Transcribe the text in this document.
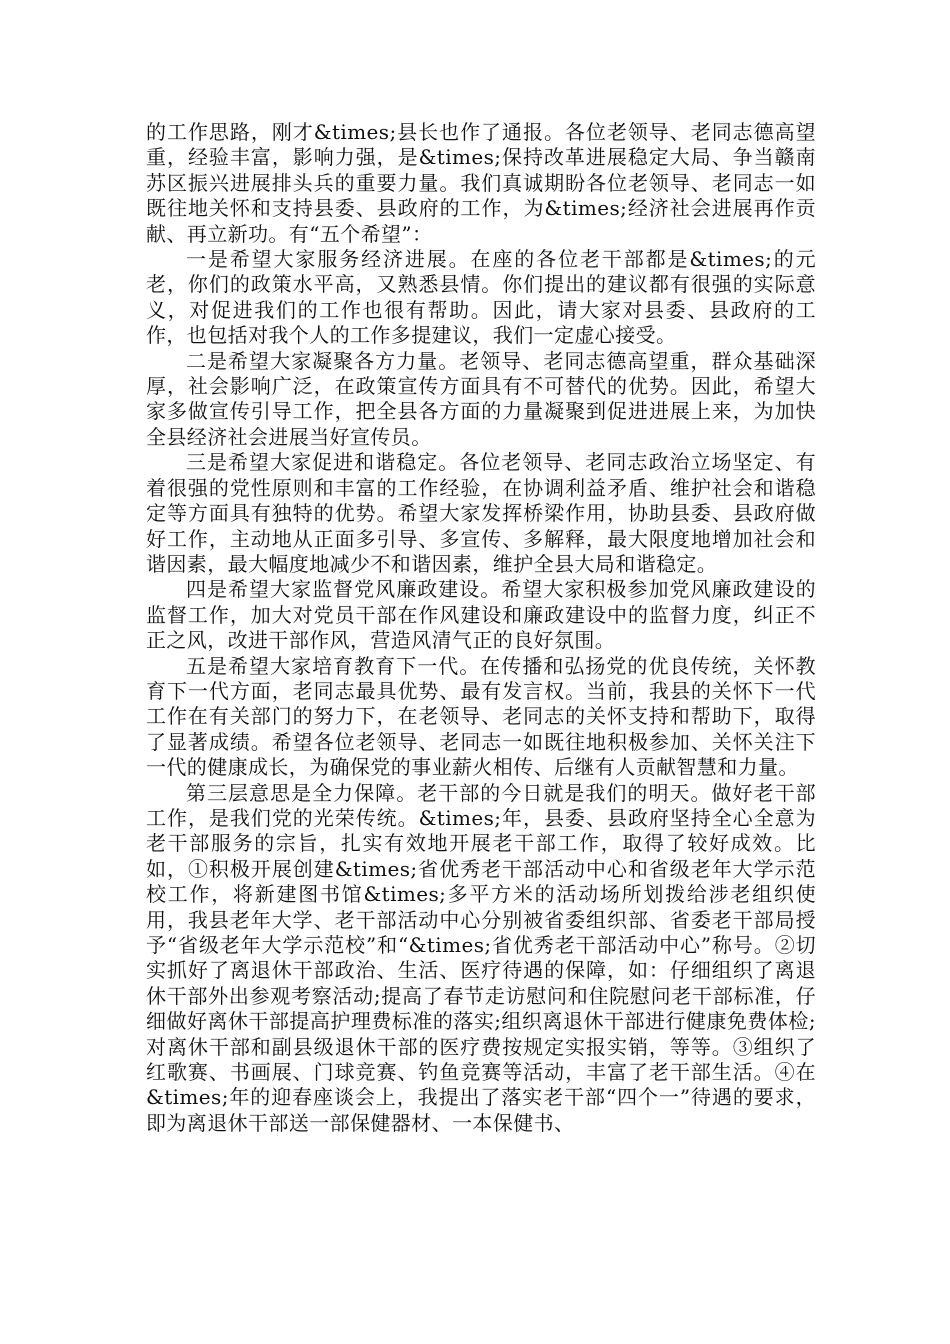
的工作思路，刚才&times;县长也作了通报。各位老领导、老同志德高望重，经验丰富，影响力强，是&times;保持改革进展稳定大局、争当赣南苏区振兴进展排头兵的重要力量。我们真诚期盼各位老领导、老同志一如既往地关怀和支持县委、县政府的工作，为&times;经济社会进展再作贡献、再立新功。有“五个希望”：

一是希望大家服务经济进展。在座的各位老干部都是&times;的元老，你们的政策水平高，又熟悉县情。你们提出的建议都有很强的实际意义，对促进我们的工作也很有帮助。因此，请大家对县委、县政府的工作，也包括对我个人的工作多提建议，我们一定虚心接受。

二是希望大家凝聚各方力量。老领导、老同志德高望重，群众基础深厚，社会影响广泛，在政策宣传方面具有不可替代的优势。因此，希望大家多做宣传引导工作，把全县各方面的力量凝聚到促进进展上来，为加快全县经济社会进展当好宣传员。

三是希望大家促进和谐稳定。各位老领导、老同志政治立场坚定、有着很强的党性原则和丰富的工作经验，在协调利益矛盾、维护社会和谐稳定等方面具有独特的优势。希望大家发挥桥梁作用，协助县委、县政府做好工作，主动地从正面多引导、多宣传、多解释，最大限度地增加社会和谐因素，最大幅度地减少不和谐因素，维护全县大局和谐稳定。

四是希望大家监督党风廉政建设。希望大家积极参加党风廉政建设的监督工作，加大对党员干部在作风建设和廉政建设中的监督力度，纠正不正之风，改进干部作风，营造风清气正的良好氛围。

五是希望大家培育教育下一代。在传播和弘扬党的优良传统，关怀教育下一代方面，老同志最具优势、最有发言权。当前，我县的关怀下一代工作在有关部门的努力下，在老领导、老同志的关怀支持和帮助下，取得了显著成绩。希望各位老领导、老同志一如既往地积极参加、关怀关注下一代的健康成长，为确保党的事业薪火相传、后继有人贡献智慧和力量。

第三层意思是全力保障。老干部的今日就是我们的明天。做好老干部工作，是我们党的光荣传统。&times;年，县委、县政府坚持全心全意为老干部服务的宗旨，扎实有效地开展老干部工作，取得了较好成效。比如，①积极开展创建&times;省优秀老干部活动中心和省级老年大学示范校工作，将新建图书馆&times;多平方米的活动场所划拨给涉老组织使用，我县老年大学、老干部活动中心分别被省委组织部、省委老干部局授予“省级老年大学示范校”和“&times;省优秀老干部活动中心”称号。②切实抓好了离退休干部政治、生活、医疗待遇的保障，如：仔细组织了离退休干部外出参观考察活动;提高了春节走访慰问和住院慰问老干部标准，仔细做好离休干部提高护理费标准的落实;组织离退休干部进行健康免费体检;对离休干部和副县级退休干部的医疗费按规定实报实销，等等。③组织了红歌赛、书画展、门球竞赛、钓鱼竞赛等活动，丰富了老干部生活。④在&times;年的迎春座谈会上，我提出了落实老干部“四个一”待遇的要求，即为离退休干部送一部保健器材、一本保健书、
